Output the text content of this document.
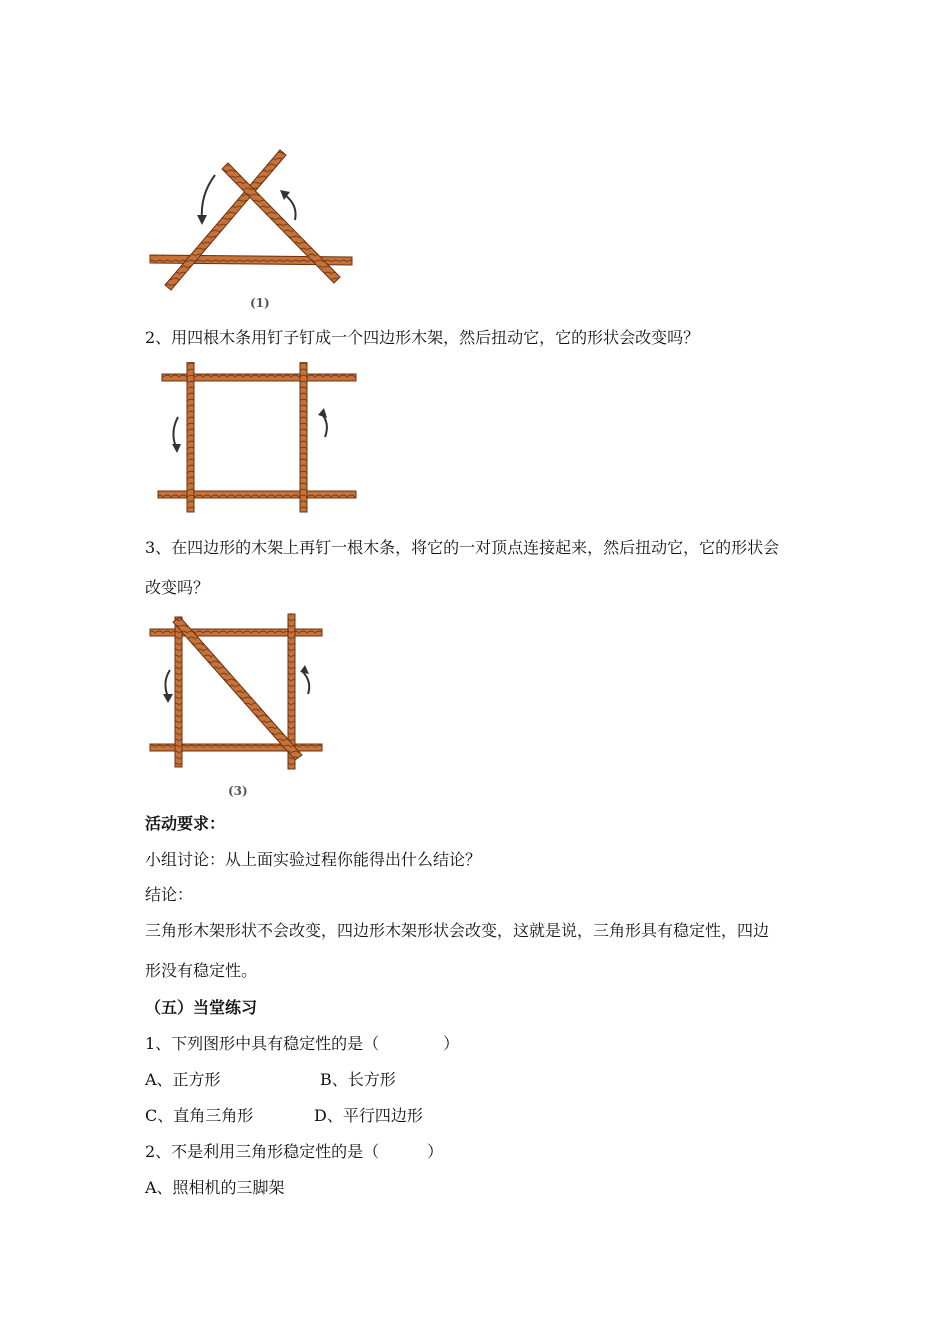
(1)
2、用四根木条用钉子钉成一个四边形木架，然后扭动它，它的形状会改变吗？
3、在四边形的木架上再钉一根木条，将它的一对顶点连接起来，然后扭动它，它的形状会
改变吗？
(3)
活动要求：
小组讨论：从上面实验过程你能得出什么结论？
结论：
三角形木架形状不会改变，四边形木架形状会改变，这就是说，三角形具有稳定性，四边
形没有稳定性。
（五）当堂练习
1、下列图形中具有稳定性的是（　　　　）
A、正方形	B、长方形
C、直角三角形	D、平行四边形
2、不是利用三角形稳定性的是（　　　）
A、照相机的三脚架
